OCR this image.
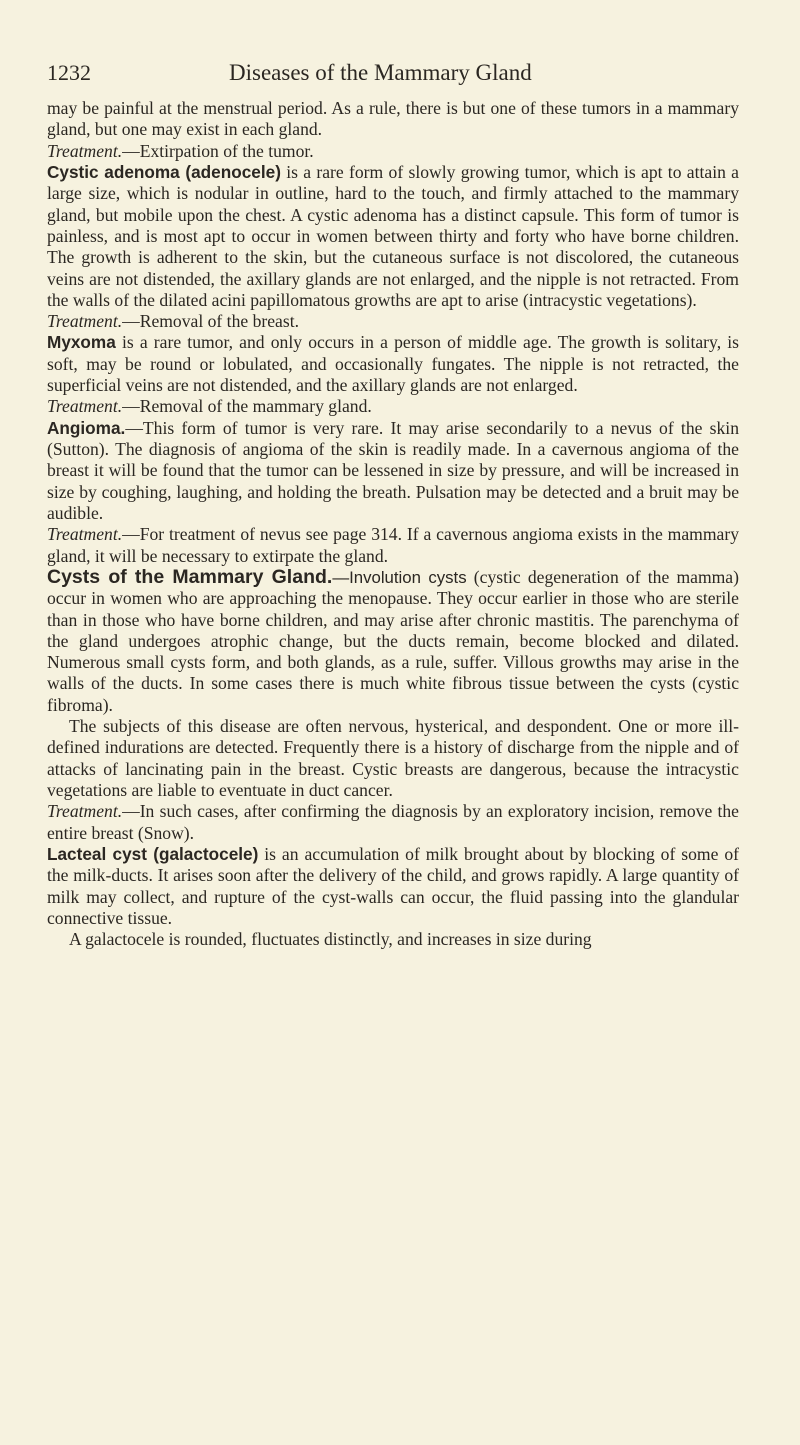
1232	Diseases of the Mammary Gland

may be painful at the menstrual period. As a rule, there is but one of these tumors in a mammary gland, but one may exist in each gland.

Treatment.—Extirpation of the tumor.

Cystic adenoma (adenocele) is a rare form of slowly growing tumor, which is apt to attain a large size, which is nodular in outline, hard to the touch, and firmly attached to the mammary gland, but mobile upon the chest. A cystic adenoma has a distinct capsule. This form of tumor is painless, and is most apt to occur in women between thirty and forty who have borne children. The growth is adherent to the skin, but the cutaneous surface is not discolored, the cutaneous veins are not distended, the axillary glands are not enlarged, and the nipple is not retracted. From the walls of the dilated acini papillomatous growths are apt to arise (intracystic vegetations).

Treatment.—Removal of the breast.

Myxoma is a rare tumor, and only occurs in a person of middle age. The growth is solitary, is soft, may be round or lobulated, and occasionally fungates. The nipple is not retracted, the superficial veins are not distended, and the axillary glands are not enlarged.

Treatment.—Removal of the mammary gland.

Angioma.—This form of tumor is very rare. It may arise secondarily to a nevus of the skin (Sutton). The diagnosis of angioma of the skin is readily made. In a cavernous angioma of the breast it will be found that the tumor can be lessened in size by pressure, and will be increased in size by coughing, laughing, and holding the breath. Pulsation may be detected and a bruit may be audible.

Treatment.—For treatment of nevus see page 314. If a cavernous angioma exists in the mammary gland, it will be necessary to extirpate the gland.

Cysts of the Mammary Gland.—Involution cysts (cystic degeneration of the mamma) occur in women who are approaching the menopause. They occur earlier in those who are sterile than in those who have borne children, and may arise after chronic mastitis. The parenchyma of the gland undergoes atrophic change, but the ducts remain, become blocked and dilated. Numerous small cysts form, and both glands, as a rule, suffer. Villous growths may arise in the walls of the ducts. In some cases there is much white fibrous tissue between the cysts (cystic fibroma).

The subjects of this disease are often nervous, hysterical, and despondent. One or more ill-defined indurations are detected. Frequently there is a history of discharge from the nipple and of attacks of lancinating pain in the breast. Cystic breasts are dangerous, because the intracystic vegetations are liable to eventuate in duct cancer.

Treatment.—In such cases, after confirming the diagnosis by an exploratory incision, remove the entire breast (Snow).

Lacteal cyst (galactocele) is an accumulation of milk brought about by blocking of some of the milk-ducts. It arises soon after the delivery of the child, and grows rapidly. A large quantity of milk may collect, and rupture of the cyst-walls can occur, the fluid passing into the glandular connective tissue.

A galactocele is rounded, fluctuates distinctly, and increases in size during
